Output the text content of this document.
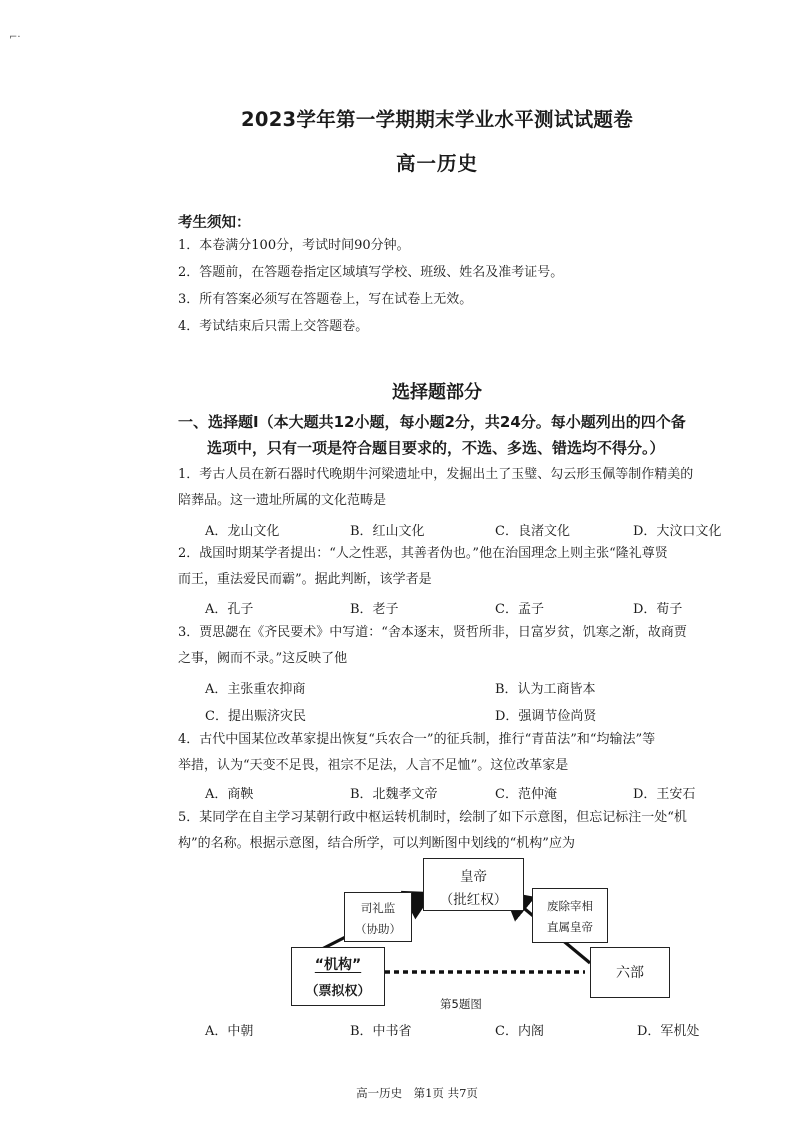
⌐·
2023学年第一学期期末学业水平测试试题卷
高一历史
考生须知：
1．本卷满分100分，考试时间90分钟。
2．答题前，在答题卷指定区域填写学校、班级、姓名及准考证号。
3．所有答案必须写在答题卷上，写在试卷上无效。
4．考试结束后只需上交答题卷。
选择题部分
一、选择题Ⅰ（本大题共12小题，每小题2分，共24分。每小题列出的四个备
选项中，只有一项是符合题目要求的，不选、多选、错选均不得分。）
1．考古人员在新石器时代晚期牛河梁遗址中，发掘出土了玉璧、勾云形玉佩等制作精美的
陪葬品。这一遗址所属的文化范畴是
A．龙山文化	B．红山文化	C．良渚文化	D．大汶口文化
2．战国时期某学者提出：“人之性恶，其善者伪也。”他在治国理念上则主张“隆礼尊贤
而王，重法爱民而霸”。据此判断，该学者是
A．孔子	B．老子	C．孟子	D．荀子
3．贾思勰在《齐民要术》中写道：“舍本逐末，贤哲所非，日富岁贫，饥寒之渐，故商贾
之事，阙而不录。”这反映了他
A．主张重农抑商	B．认为工商皆本
C．提出赈济灾民	D．强调节俭尚贤
4．古代中国某位改革家提出恢复“兵农合一”的征兵制，推行“青苗法”和“均输法”等
举措，认为“天变不足畏，祖宗不足法，人言不足恤”。这位改革家是
A．商鞅	B．北魏孝文帝	C．范仲淹	D．王安石
5．某同学在自主学习某朝行政中枢运转机制时，绘制了如下示意图，但忘记标注一处“机
构”的名称。根据示意图，结合所学，可以判断图中划线的“机构”应为
皇帝
（批红权）
司礼监
（协助）
废除宰相
直属皇帝
“机构”
（票拟权）
六部
第5题图
A．中朝	B．中书省	C．内阁	D．军机处
高一历史　第1页 共7页
